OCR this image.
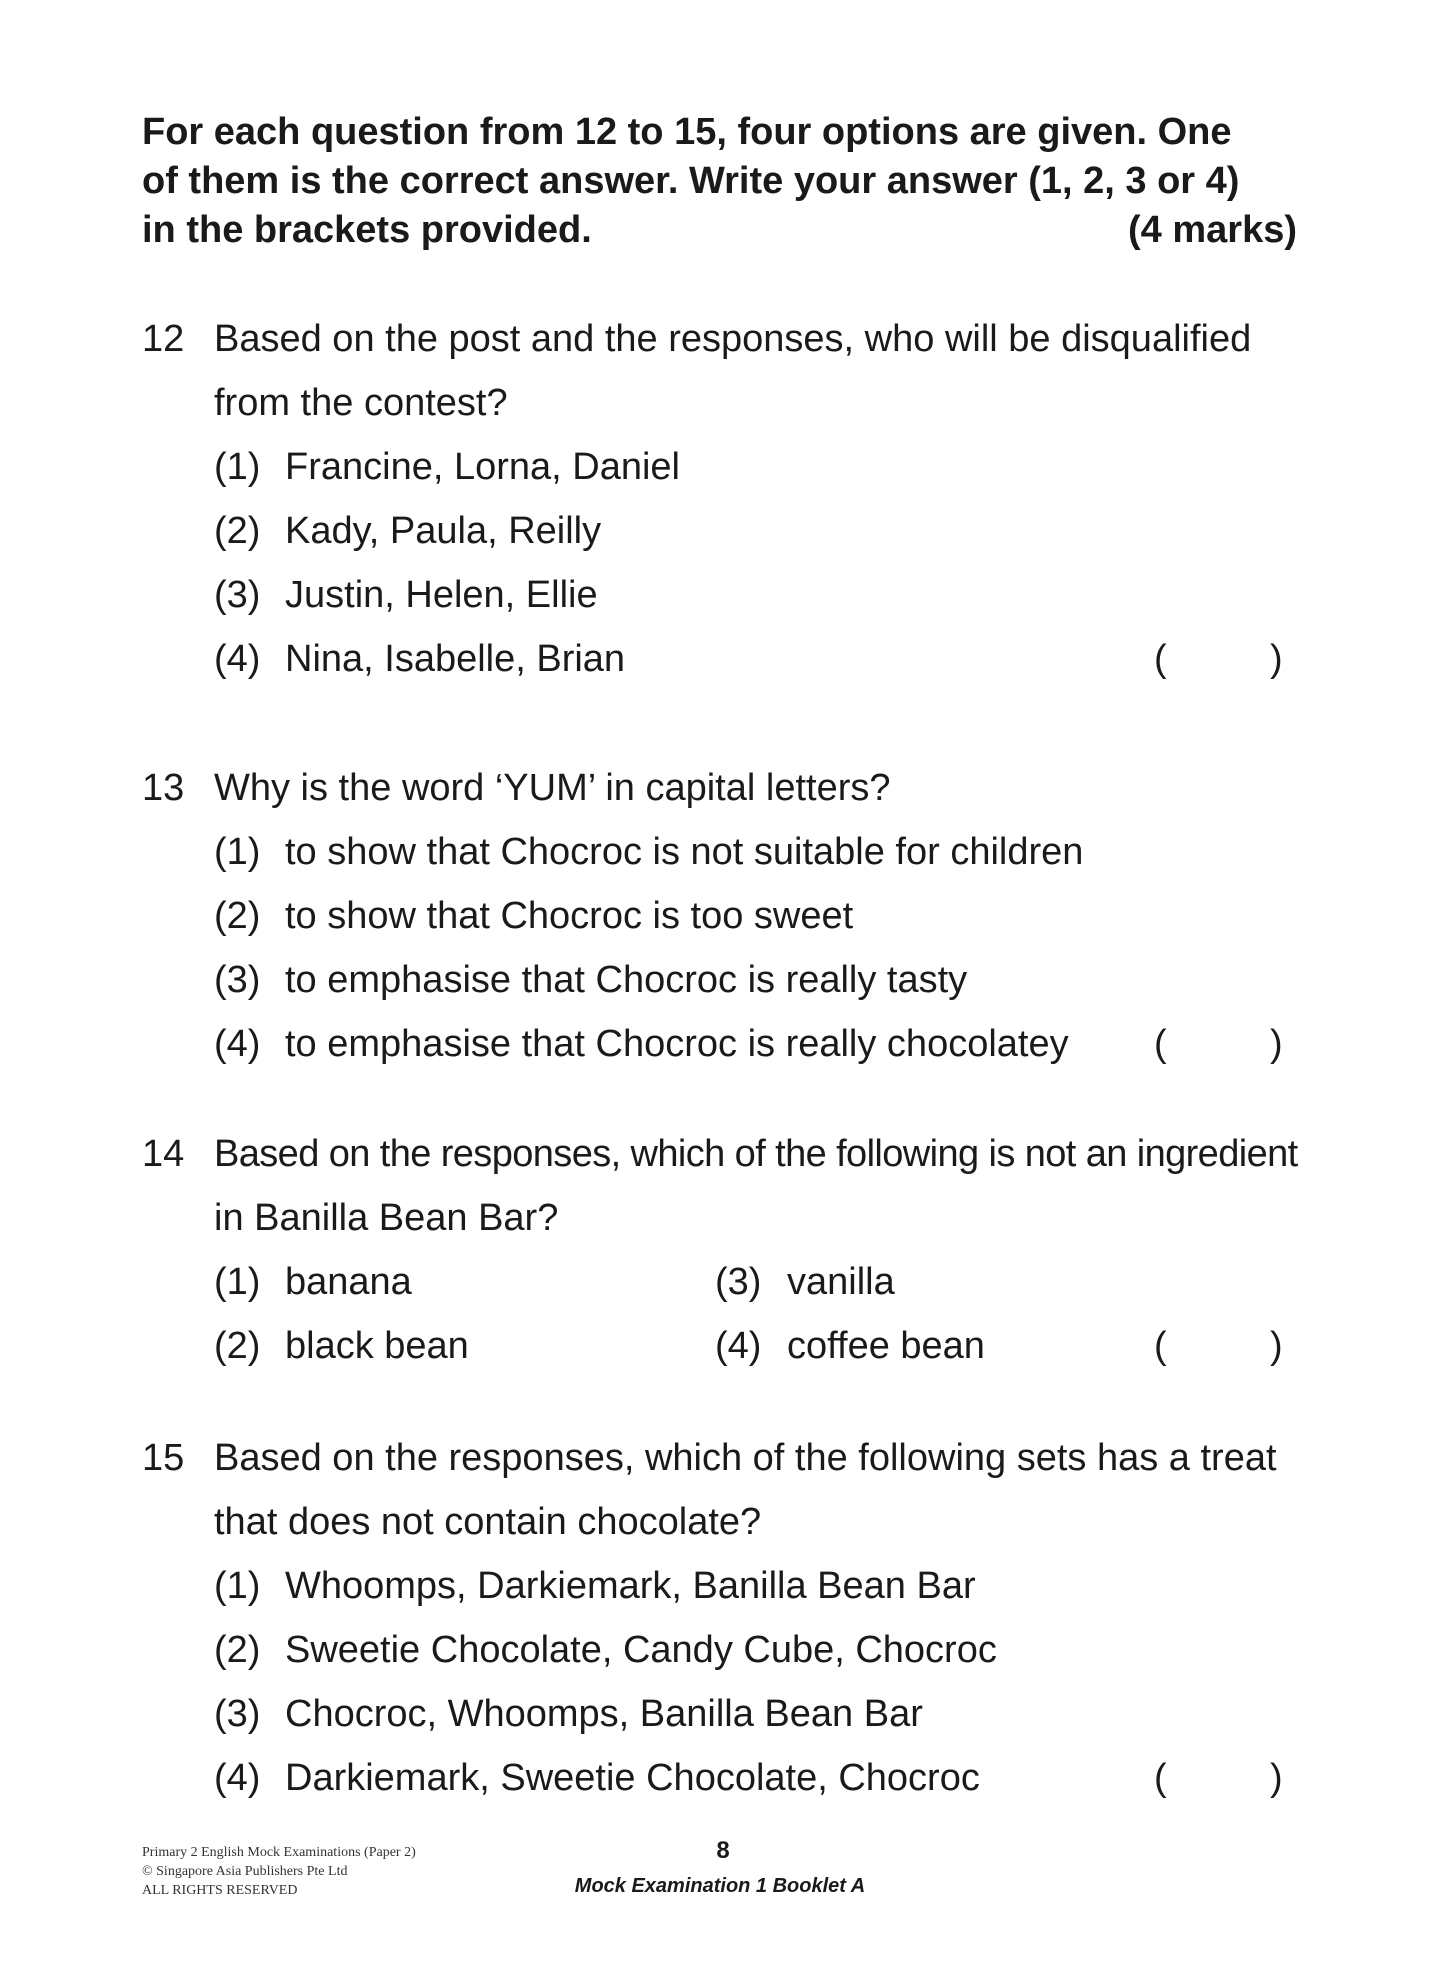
For each question from 12 to 15, four options are given. One
of them is the correct answer. Write your answer (1, 2, 3 or 4)
in the brackets provided.	(4 marks)
12 Based on the post and the responses, who will be disqualified
from the contest?
(1) Francine, Lorna, Daniel
(2) Kady, Paula, Reilly
(3) Justin, Helen, Ellie
(4) Nina, Isabelle, Brian	(	)
13 Why is the word ‘YUM’ in capital letters?
(1) to show that Chocroc is not suitable for children
(2) to show that Chocroc is too sweet
(3) to emphasise that Chocroc is really tasty
(4) to emphasise that Chocroc is really chocolatey (	)
14 Based on the responses, which of the following is not an ingredient
in Banilla Bean Bar?
(1) banana	(3) vanilla
(2) black bean	(4) coffee bean	(	)
15 Based on the responses, which of the following sets has a treat
that does not contain chocolate?
(1) Whoomps, Darkiemark, Banilla Bean Bar
(2) Sweetie Chocolate, Candy Cube, Chocroc
(3) Chocroc, Whoomps, Banilla Bean Bar
(4) Darkiemark, Sweetie Chocolate, Chocroc	(	)
Primary 2 English Mock Examinations (Paper 2)
© Singapore Asia Publishers Pte Ltd
ALL RIGHTS RESERVED
8
Mock Examination 1 Booklet A
